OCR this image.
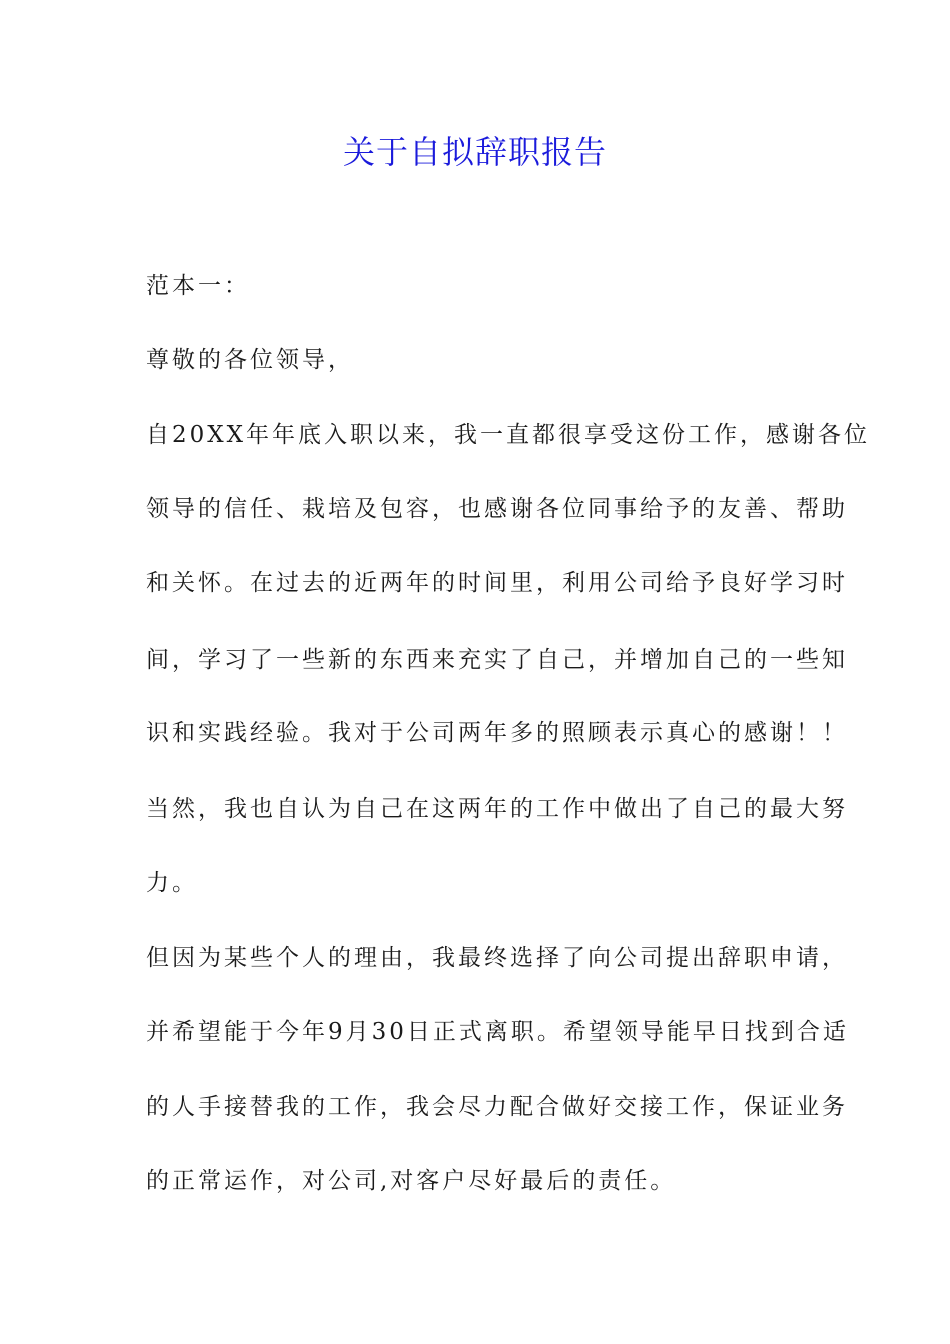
关于自拟辞职报告

范本一：

尊敬的各位领导，

自20XX年年底入职以来，我一直都很享受这份工作，感谢各位

领导的信任、栽培及包容，也感谢各位同事给予的友善、帮助

和关怀。在过去的近两年的时间里，利用公司给予良好学习时

间，学习了一些新的东西来充实了自己，并增加自己的一些知

识和实践经验。我对于公司两年多的照顾表示真心的感谢！！

当然，我也自认为自己在这两年的工作中做出了自己的最大努

力。

但因为某些个人的理由，我最终选择了向公司提出辞职申请，

并希望能于今年9月30日正式离职。希望领导能早日找到合适

的人手接替我的工作，我会尽力配合做好交接工作，保证业务

的正常运作，对公司,对客户尽好最后的责任。
